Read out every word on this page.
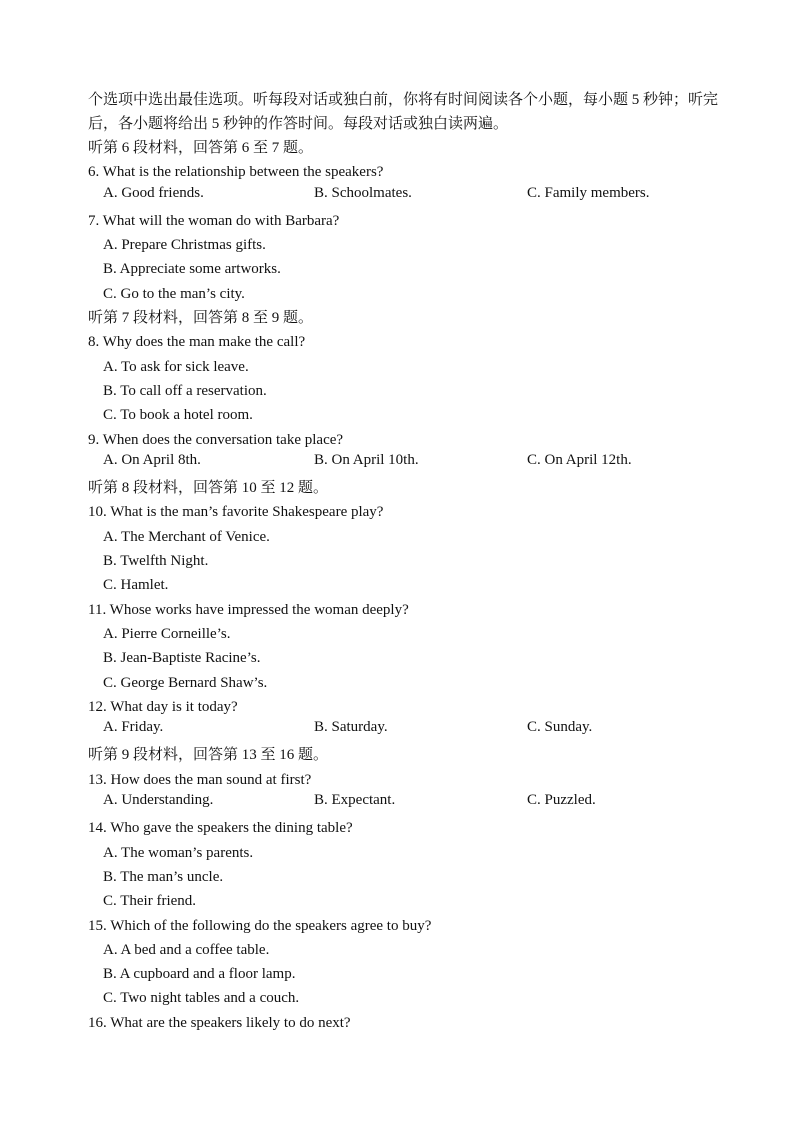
个选项中选出最佳选项。听每段对话或独白前，你将有时间阅读各个小题，每小题 5 秒钟；听完后，各小题将给出 5 秒钟的作答时间。每段对话或独白读两遍。

听第 6 段材料，回答第 6 至 7 题。
6. What is the relationship between the speakers?
A. Good friends.	B. Schoolmates.	C. Family members.
7. What will the woman do with Barbara?
A. Prepare Christmas gifts.
B. Appreciate some artworks.
C. Go to the man’s city.
听第 7 段材料，回答第 8 至 9 题。
8. Why does the man make the call?
A. To ask for sick leave.
B. To call off a reservation.
C. To book a hotel room.
9. When does the conversation take place?
A. On April 8th.	B. On April 10th.	C. On April 12th.
听第 8 段材料，回答第 10 至 12 题。
10. What is the man’s favorite Shakespeare play?
A. The Merchant of Venice.
B. Twelfth Night.
C. Hamlet.
11. Whose works have impressed the woman deeply?
A. Pierre Corneille’s.
B. Jean-Baptiste Racine’s.
C. George Bernard Shaw’s.
12. What day is it today?
A. Friday.	B. Saturday.	C. Sunday.
听第 9 段材料，回答第 13 至 16 题。
13. How does the man sound at first?
A. Understanding.	B. Expectant.	C. Puzzled.
14. Who gave the speakers the dining table?
A. The woman’s parents.
B. The man’s uncle.
C. Their friend.
15. Which of the following do the speakers agree to buy?
A. A bed and a coffee table.
B. A cupboard and a floor lamp.
C. Two night tables and a couch.
16. What are the speakers likely to do next?
